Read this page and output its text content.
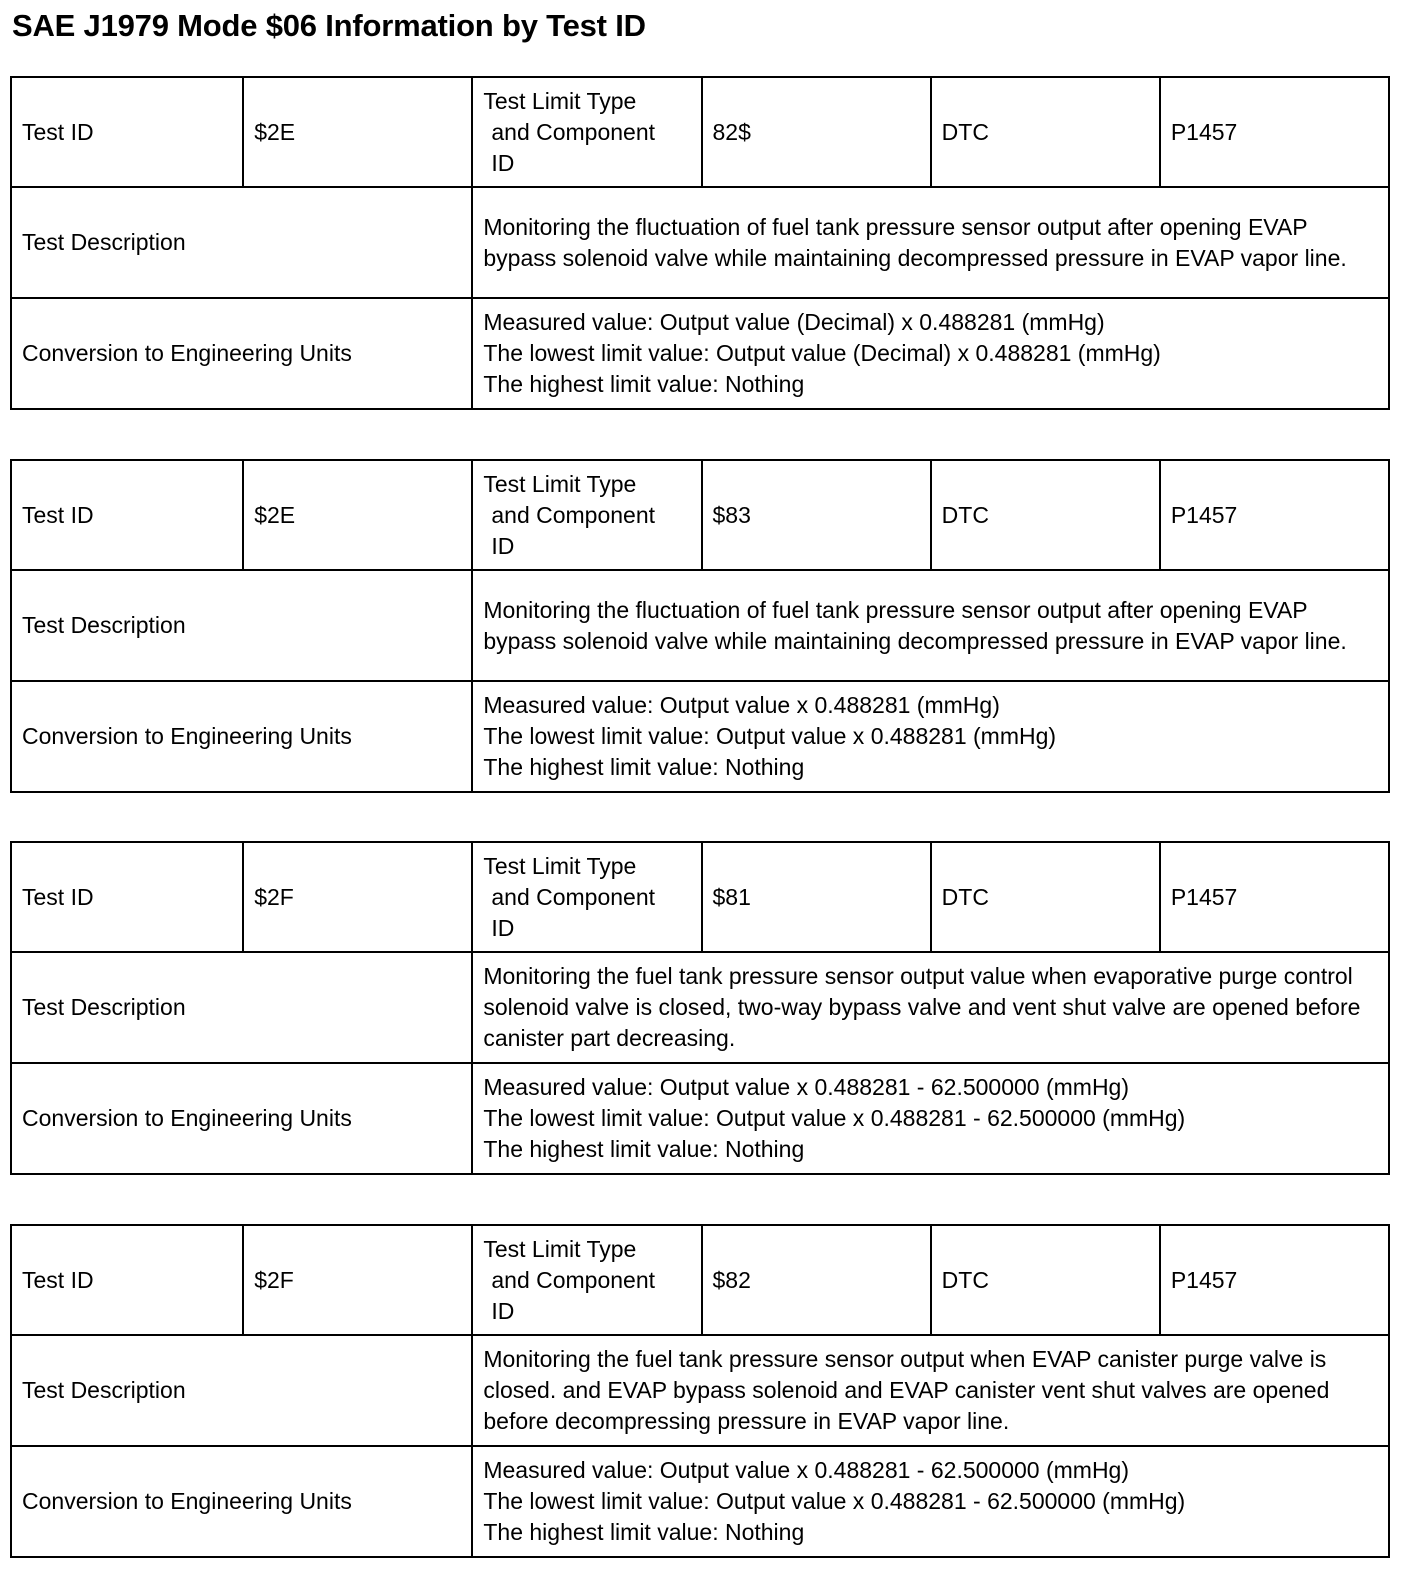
SAE J1979 Mode $06 Information by Test ID
Test ID	$2E	Test Limit Type
and Component
ID	82$	DTC	P1457
Test Description		Monitoring the fluctuation of fuel tank pressure sensor output after opening EVAP bypass solenoid valve while maintaining decompressed pressure in EVAP vapor line.			
Conversion to Engineering Units		Measured value: Output value (Decimal) x 0.488281 (mmHg)
The lowest limit value: Output value (Decimal) x 0.488281 (mmHg)
The highest limit value: Nothing			
Test ID	$2E	Test Limit Type
and Component
ID	$83	DTC	P1457
Test Description		Monitoring the fluctuation of fuel tank pressure sensor output after opening EVAP bypass solenoid valve while maintaining decompressed pressure in EVAP vapor line.			
Conversion to Engineering Units		Measured value: Output value x 0.488281 (mmHg)
The lowest limit value: Output value x 0.488281 (mmHg)
The highest limit value: Nothing			
Test ID	$2F	Test Limit Type
and Component
ID	$81	DTC	P1457
Test Description		Monitoring the fuel tank pressure sensor output value when evaporative purge control solenoid valve is closed, two-way bypass valve and vent shut valve are opened before canister part decreasing.			
Conversion to Engineering Units		Measured value: Output value x 0.488281 - 62.500000 (mmHg)
The lowest limit value: Output value x 0.488281 - 62.500000 (mmHg)
The highest limit value: Nothing			
Test ID	$2F	Test Limit Type
and Component
ID	$82	DTC	P1457
Test Description		Monitoring the fuel tank pressure sensor output when EVAP canister purge valve is closed. and EVAP bypass solenoid and EVAP canister vent shut valves are opened before decompressing pressure in EVAP vapor line.			
Conversion to Engineering Units		Measured value: Output value x 0.488281 - 62.500000 (mmHg)
The lowest limit value: Output value x 0.488281 - 62.500000 (mmHg)
The highest limit value: Nothing			
